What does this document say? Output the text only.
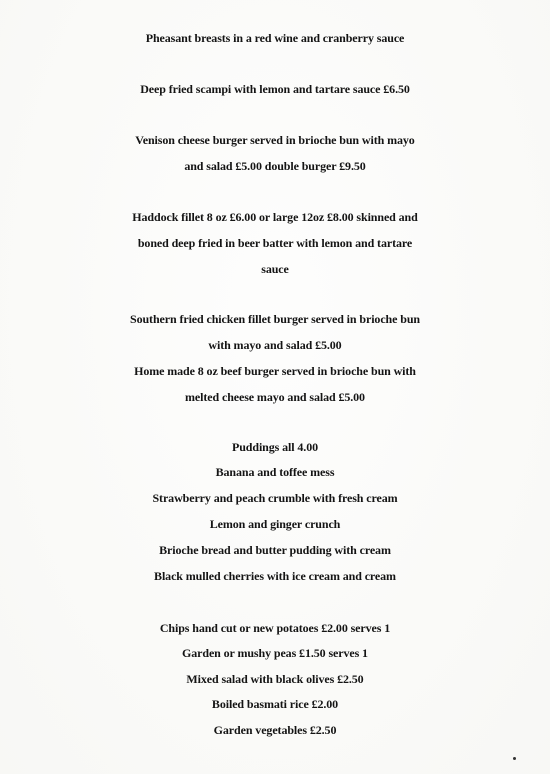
Pheasant breasts in a red wine and cranberry sauce
Deep fried scampi with lemon and tartare sauce £6.50
Venison cheese burger served in brioche bun with mayo
and salad £5.00 double burger £9.50
Haddock fillet 8 oz £6.00 or large 12oz £8.00 skinned and
boned deep fried in beer batter with lemon and tartare
sauce
Southern fried chicken fillet burger served in brioche bun
with mayo and salad £5.00
Home made 8 oz beef burger served in brioche bun with
melted cheese mayo and salad £5.00
Puddings all 4.00
Banana and toffee mess
Strawberry and peach crumble with fresh cream
Lemon and ginger crunch
Brioche bread and butter pudding with cream
Black mulled cherries with ice cream and cream
Chips hand cut or new potatoes £2.00 serves 1
Garden or mushy peas £1.50 serves 1
Mixed salad with black olives £2.50
Boiled basmati rice £2.00
Garden vegetables £2.50
